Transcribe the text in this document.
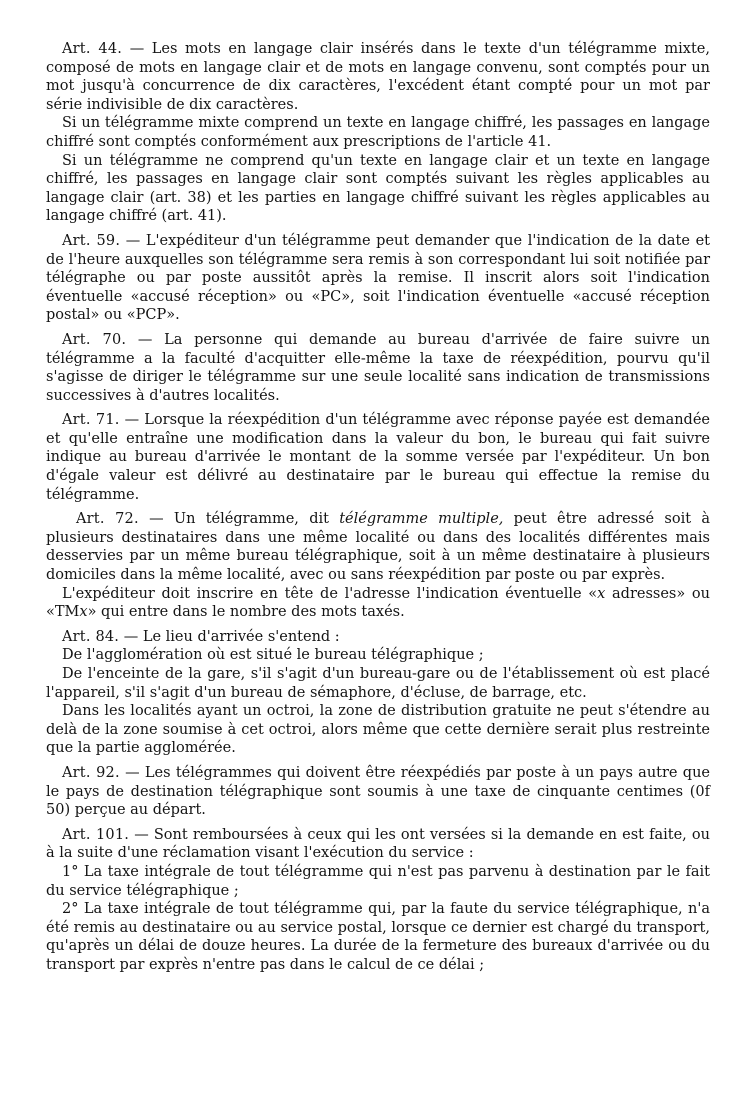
Art. 44. — Les mots en langage clair insérés dans le texte d'un télégramme mixte, composé de mots en langage clair et de mots en langage convenu, sont comptés pour un mot jusqu'à concurrence de dix caractères, l'excédent étant compté pour un mot par série indivisible de dix caractères.

Si un télégramme mixte comprend un texte en langage chiffré, les passages en langage chiffré sont comptés conformément aux prescriptions de l'article 41.

Si un télégramme ne comprend qu'un texte en langage clair et un texte en langage chiffré, les passages en langage clair sont comptés suivant les règles applicables au langage clair (art. 38) et les parties en langage chiffré suivant les règles applicables au langage chiffré (art. 41).

Art. 59. — L'expéditeur d'un télégramme peut demander que l'indication de la date et de l'heure auxquelles son télégramme sera remis à son correspondant lui soit notifiée par télégraphe ou par poste aussitôt après la remise. Il inscrit alors soit l'indication éventuelle «accusé réception» ou «PC», soit l'indication éventuelle «accusé réception postal» ou «PCP».

Art. 70. — La personne qui demande au bureau d'arrivée de faire suivre un télégramme a la faculté d'acquitter elle-même la taxe de réexpédition, pourvu qu'il s'agisse de diriger le télégramme sur une seule localité sans indication de transmissions successives à d'autres localités.

Art. 71. — Lorsque la réexpédition d'un télégramme avec réponse payée est demandée et qu'elle entraîne une modification dans la valeur du bon, le bureau qui fait suivre indique au bureau d'arrivée le montant de la somme versée par l'expéditeur. Un bon d'égale valeur est délivré au destinataire par le bureau qui effectue la remise du télégramme.

Art. 72. — Un télégramme, dit télégramme multiple, peut être adressé soit à plusieurs destinataires dans une même localité ou dans des localités différentes mais desservies par un même bureau télégraphique, soit à un même destinataire à plusieurs domiciles dans la même localité, avec ou sans réexpédition par poste ou par exprès.

L'expéditeur doit inscrire en tête de l'adresse l'indication éventuelle «x adresses» ou «TMx» qui entre dans le nombre des mots taxés.

Art. 84. — Le lieu d'arrivée s'entend :

De l'agglomération où est situé le bureau télégraphique ;

De l'enceinte de la gare, s'il s'agit d'un bureau-gare ou de l'établissement où est placé l'appareil, s'il s'agit d'un bureau de sémaphore, d'écluse, de barrage, etc.

Dans les localités ayant un octroi, la zone de distribution gratuite ne peut s'étendre au delà de la zone soumise à cet octroi, alors même que cette dernière serait plus restreinte que la partie agglomérée.

Art. 92. — Les télégrammes qui doivent être réexpédiés par poste à un pays autre que le pays de destination télégraphique sont soumis à une taxe de cinquante centimes (0f 50) perçue au départ.

Art. 101. — Sont remboursées à ceux qui les ont versées si la demande en est faite, ou à la suite d'une réclamation visant l'exécution du service :

1° La taxe intégrale de tout télégramme qui n'est pas parvenu à destination par le fait du service télégraphique ;

2° La taxe intégrale de tout télégramme qui, par la faute du service télégraphique, n'a été remis au destinataire ou au service postal, lorsque ce dernier est chargé du transport, qu'après un délai de douze heures. La durée de la fermeture des bureaux d'arrivée ou du transport par exprès n'entre pas dans le calcul de ce délai ;
